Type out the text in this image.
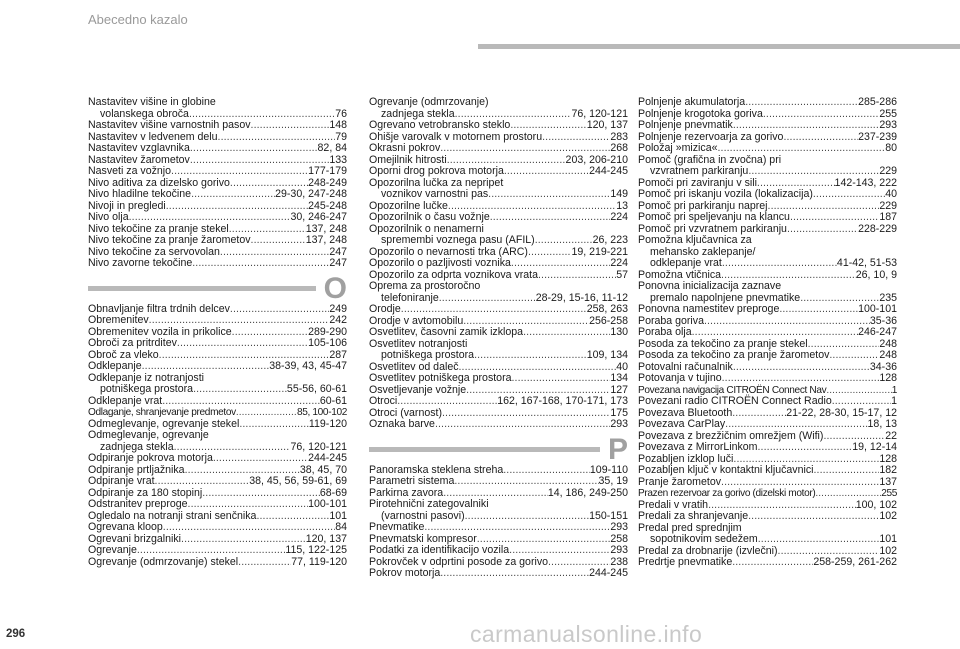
Abecedno kazalo
Nastavitev višine in globine
volanskega obroča .....	76
Nastavitev višine varnostnih pasov .....	148
Nastavitev v ledvenem delu .....	79
Nastavitev vzglavnika .....	82, 84
Nastavitev žarometov .....	133
Nasveti za vožnjo .....	177-179
Nivo aditiva za dizelsko gorivo .....	248-249
Nivo hladilne tekočine .....	29-30, 247-248
Nivoji in pregledi .....	245-248
Nivo olja .....	30, 246-247
Nivo tekočine za pranje stekel .....	137, 248
Nivo tekočine za pranje žarometov .....	137, 248
Nivo tekočine za servovolan .....	247
Nivo zavorne tekočine .....	247
O
Obnavljanje filtra trdnih delcev .....	249
Obremenitev .....	242
Obremenitev vozila in prikolice .....	289-290
Obroči za pritrditev .....	105-106
Obroč za vleko .....	287
Odklepanje .....	38-39, 43, 45-47
Odklepanje iz notranjosti
potniškega prostora .....	55-56, 60-61
Odklepanje vrat .....	60-61
Odlaganje, shranjevanje predmetov .....	85, 100-102
Odmeglevanje, ogrevanje stekel .....	119-120
Odmeglevanje, ogrevanje
zadnjega stekla .....	76, 120-121
Odpiranje pokrova motorja .....	244-245
Odpiranje prtljažnika .....	38, 45, 70
Odpiranje vrat .....	38, 45, 56, 59-61, 69
Odpiranje za 180 stopinj .....	68-69
Odstranitev preproge .....	100-101
Ogledalo na notranji strani senčnika .....	101
Ogrevana kloop .....	84
Ogrevani brizgalniki .....	120, 137
Ogrevanje .....	115, 122-125
Ogrevanje (odmrzovanje) stekel .....	77, 119-120
Ogrevanje (odmrzovanje)
zadnjega stekla .....	76, 120-121
Ogrevano vetrobransko steklo .....	120, 137
Ohišje varovalk v motornem prostoru .....	283
Okrasni pokrov .....	268
Omejilnik hitrosti .....	203, 206-210
Oporni drog pokrova motorja .....	244-245
Opozorilna lučka za nepripet
voznikov varnostni pas .....	149
Opozorilne lučke .....	13
Opozorilnik o času vožnje .....	224
Opozorilnik o nenamerni
spremembi voznega pasu (AFIL) .....	26, 223
Opozorilo o nevarnosti trka (ARC) .....	19, 219-221
Opozorilo o pazljivosti voznika .....	224
Opozorilo za odprta voznikova vrata .....	57
Oprema za prostoročno
telefoniranje .....	28-29, 15-16, 11-12
Orodje .....	258, 263
Orodje v avtomobilu .....	256-258
Osvetlitev, časovni zamik izklopa .....	130
Osvetlitev notranjosti
potniškega prostora .....	109, 134
Osvetlitev od daleč .....	40
Osvetlitev potniškega prostora .....	134
Osvetljevanje vožnje .....	127
Otroci .....	162, 167-168, 170-171, 173
Otroci (varnost) .....	175
Oznaka barve .....	293
P
Panoramska steklena streha .....	109-110
Parametri sistema .....	35, 19
Parkirna zavora .....	14, 186, 249-250
Pirotehnični zategovalniki
(varnostni pasovi) .....	150-151
Pnevmatike .....	293
Pnevmatski kompresor .....	258
Podatki za identifikacijo vozila .....	293
Pokrovček v odprtini posode za gorivo .....	238
Pokrov motorja .....	244-245
Polnjenje akumulatorja .....	285-286
Polnjenje krogotoka goriva .....	255
Polnjenje pnevmatik .....	293
Polnjenje rezervoarja za gorivo .....	237-239
Položaj »mizica« .....	80
Pomoč (grafična in zvočna) pri
vzvratnem parkiranju .....	229
Pomoči pri zaviranju v sili .....	142-143, 222
Pomoč pri iskanju vozila (lokalizacija) .....	40
Pomoč pri parkiranju naprej .....	229
Pomoč pri speljevanju na klancu .....	187
Pomoč pri vzvratnem parkiranju .....	228-229
Pomožna ključavnica za
mehansko zaklepanje/
odklepanje vrat .....	41-42, 51-53
Pomožna vtičnica .....	26, 10, 9
Ponovna inicializacija zaznave
premalo napolnjene pnevmatike .....	235
Ponovna namestitev preproge .....	100-101
Poraba goriva .....	35-36
Poraba olja .....	246-247
Posoda za tekočino za pranje stekel .....	248
Posoda za tekočino za pranje žarometov .....	248
Potovalni računalnik .....	34-36
Potovanja v tujino .....	128
Povezana navigacija CITROËN Connect Nav .....	1
Povezani radio CITROËN Connect Radio .....	1
Povezava Bluetooth .....	21-22, 28-30, 15-17, 12
Povezava CarPlay .....	18, 13
Povezava z brezžičnim omrežjem (Wifi) .....	22
Povezava z MirrorLinkom .....	19, 12-14
Pozabljen izklop luči .....	128
Pozabljen ključ v kontaktni ključavnici .....	182
Pranje žarometov .....	137
Prazen rezervoar za gorivo (dizelski motor) .....	255
Predali v vratih .....	100, 102
Predali za shranjevanje .....	102
Predal pred sprednjim
sopotnikovim sedežem .....	101
Predal za drobnarije (izvlečni) .....	102
Predrtje pnevmatike .....	258-259, 261-262
296	carmanualsonline.info
